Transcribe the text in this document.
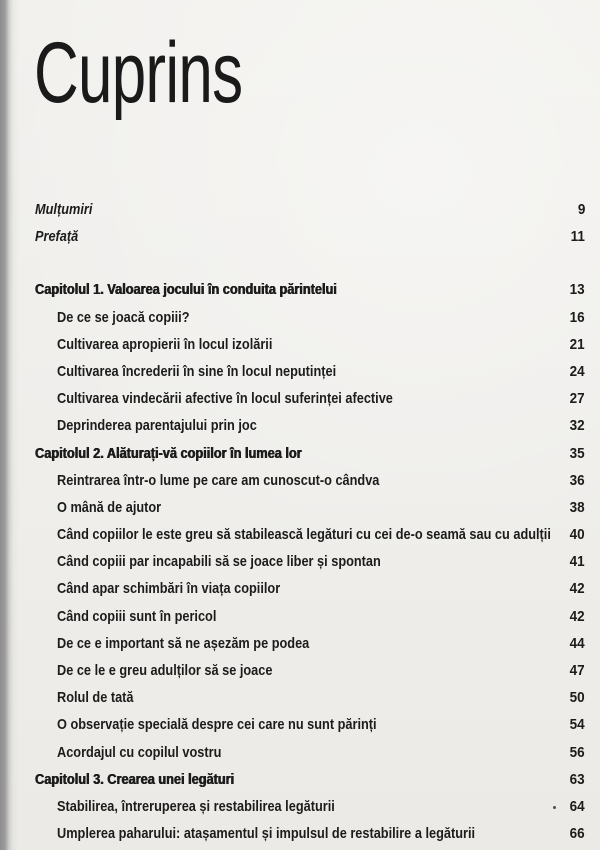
Cuprins
Mulțumiri	9
Prefață	11
Capitolul 1. Valoarea jocului în conduita părintelui	13
De ce se joacă copiii?	16
Cultivarea apropierii în locul izolării	21
Cultivarea încrederii în sine în locul neputinței	24
Cultivarea vindecării afective în locul suferinței afective	27
Deprinderea parentajului prin joc	32
Capitolul 2. Alăturați-vă copiilor în lumea lor	35
Reintrarea într-o lume pe care am cunoscut-o cândva	36
O mână de ajutor	38
Când copiilor le este greu să stabilească legături cu cei de-o seamă sau cu adulții 40
Când copiii par incapabili să se joace liber și spontan	41
Când apar schimbări în viața copiilor	42
Când copiii sunt în pericol	42
De ce e important să ne așezăm pe podea	44
De ce le e greu adulților să se joace	47
Rolul de tată	50
O observație specială despre cei care nu sunt părinți	54
Acordajul cu copilul vostru	56
Capitolul 3. Crearea unei legături	63
Stabilirea, întreruperea și restabilirea legăturii	64
Umplerea paharului: atașamentul și impulsul de restabilire a legăturii	66
